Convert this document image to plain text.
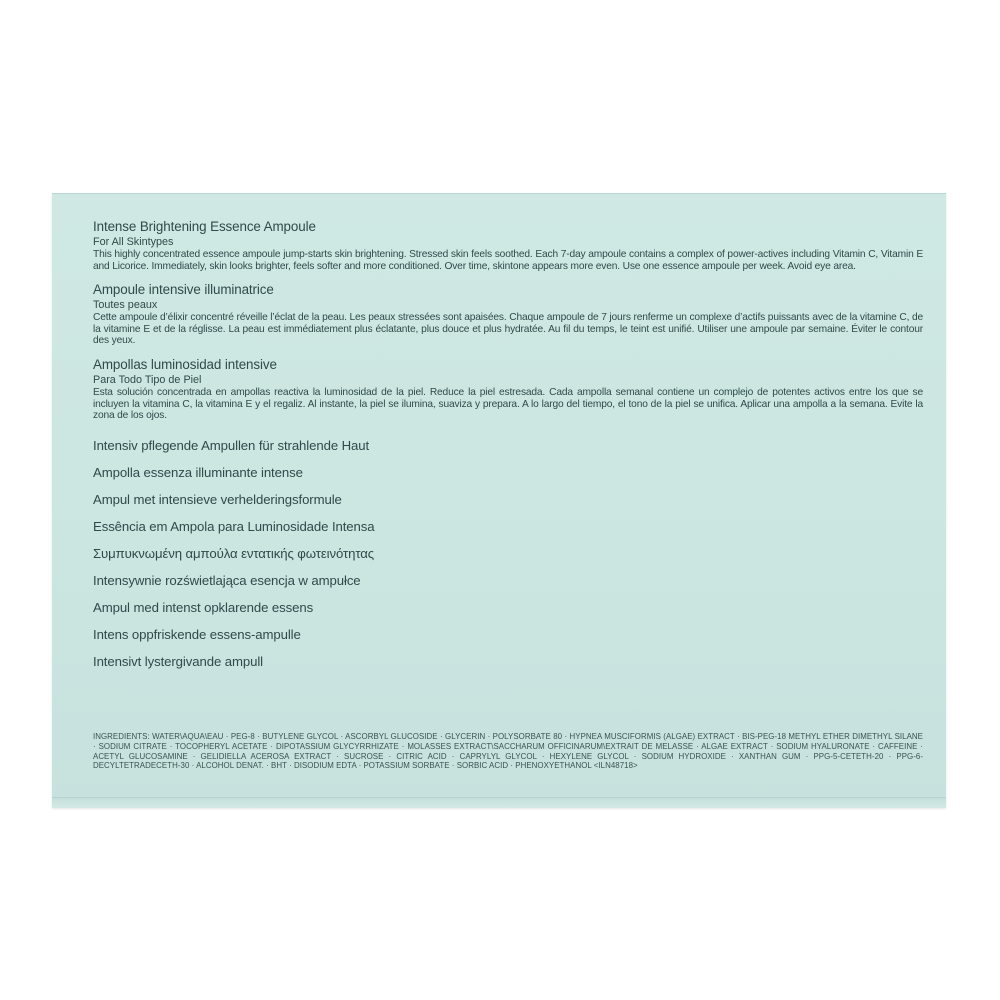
Intense Brightening Essence Ampoule

For All Skintypes

This highly concentrated essence ampoule jump-starts skin brightening. Stressed skin feels soothed. Each 7-day ampoule contains a complex of power-actives including Vitamin C, Vitamin E and Licorice. Immediately, skin looks brighter, feels softer and more conditioned. Over time, skintone appears more even. Use one essence ampoule per week. Avoid eye area.

Ampoule intensive illuminatrice

Toutes peaux

Cette ampoule d’élixir concentré réveille l’éclat de la peau. Les peaux stressées sont apaisées. Chaque ampoule de 7 jours renferme un complexe d’actifs puissants avec de la vitamine C, de la vitamine E et de la réglisse. La peau est immédiatement plus éclatante, plus douce et plus hydratée. Au fil du temps, le teint est unifié. Utiliser une ampoule par semaine. Éviter le contour des yeux.

Ampollas luminosidad intensive

Para Todo Tipo de Piel

Esta solución concentrada en ampollas reactiva la luminosidad de la piel. Reduce la piel estresada. Cada ampolla semanal contiene un complejo de potentes activos entre los que se incluyen la vitamina C, la vitamina E y el regaliz. Al instante, la piel se ilumina, suaviza y prepara. A lo largo del tiempo, el tono de la piel se unifica. Aplicar una ampolla a la semana. Evite la zona de los ojos.

Intensiv pflegende Ampullen für strahlende Haut

Ampolla essenza illuminante intense

Ampul met intensieve verhelderingsformule

Essência em Ampola para Luminosidade Intensa

Συμπυκνωμένη αμπούλα εντατικής φωτεινότητας

Intensywnie rozświetlająca esencja w ampułce

Ampul med intenst opklarende essens

Intens oppfriskende essens-ampulle

Intensivt lystergivande ampull

INGREDIENTS: WATER\AQUA\EAU · PEG-8 · BUTYLENE GLYCOL · ASCORBYL GLUCOSIDE · GLYCERIN · POLYSORBATE 80 · HYPNEA MUSCIFORMIS (ALGAE) EXTRACT · BIS-PEG-18 METHYL ETHER DIMETHYL SILANE · SODIUM CITRATE · TOCOPHERYL ACETATE · DIPOTASSIUM GLYCYRRHIZATE · MOLASSES EXTRACT\SACCHARUM OFFICINARUM\EXTRAIT DE MELASSE · ALGAE EXTRACT · SODIUM HYALURONATE · CAFFEINE · ACETYL GLUCOSAMINE · GELIDIELLA ACEROSA EXTRACT · SUCROSE · CITRIC ACID · CAPRYLYL GLYCOL · HEXYLENE GLYCOL · SODIUM HYDROXIDE · XANTHAN GUM · PPG-5-CETETH-20 · PPG-6-DECYLTETRADECETH-30 · ALCOHOL DENAT. · BHT · DISODIUM EDTA · POTASSIUM SORBATE · SORBIC ACID · PHENOXYETHANOL <ILN48718>
